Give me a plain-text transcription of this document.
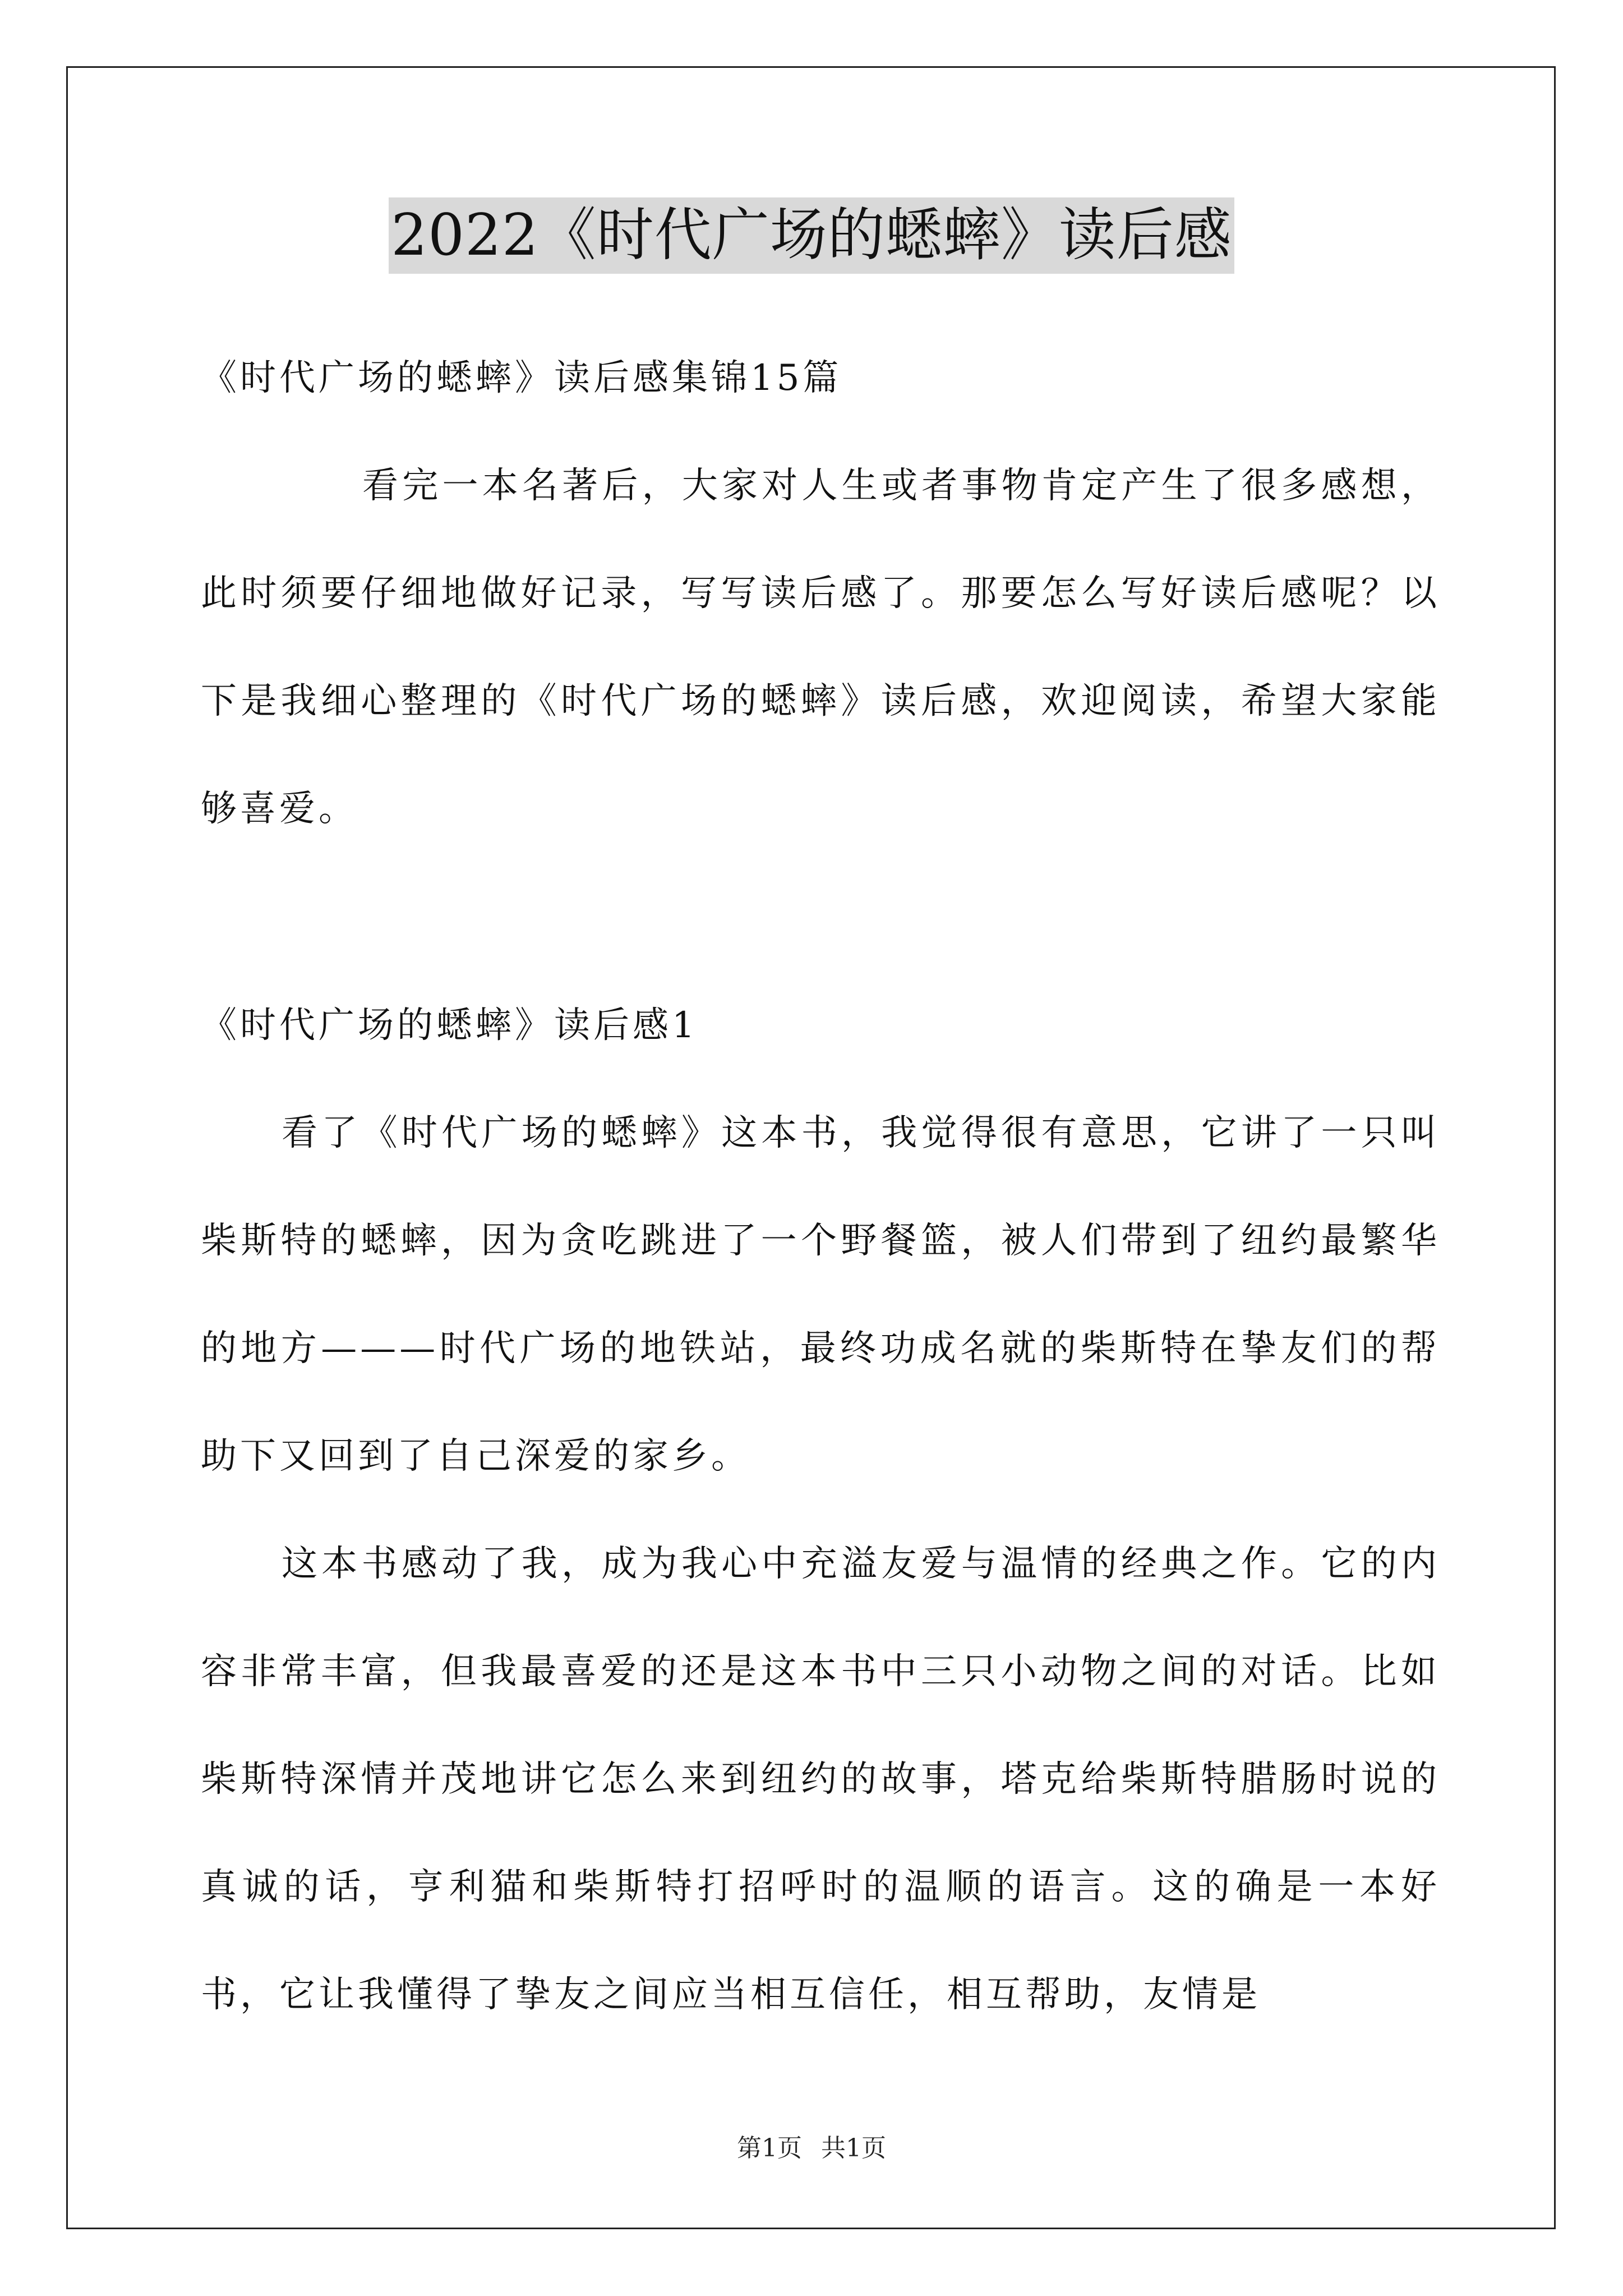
2022《时代广场的蟋蟀》读后感

《时代广场的蟋蟀》读后感集锦15篇

看完一本名著后，大家对人生或者事物肯定产生了很多感想，此时须要仔细地做好记录，写写读后感了。那要怎么写好读后感呢？以下是我细心整理的《时代广场的蟋蟀》读后感，欢迎阅读，希望大家能够喜爱。

《时代广场的蟋蟀》读后感1

看了《时代广场的蟋蟀》这本书，我觉得很有意思，它讲了一只叫柴斯特的蟋蟀，因为贪吃跳进了一个野餐篮，被人们带到了纽约最繁华的地方———时代广场的地铁站，最终功成名就的柴斯特在挚友们的帮助下又回到了自己深爱的家乡。

这本书感动了我，成为我心中充溢友爱与温情的经典之作。它的内容非常丰富，但我最喜爱的还是这本书中三只小动物之间的对话。比如柴斯特深情并茂地讲它怎么来到纽约的故事，塔克给柴斯特腊肠时说的真诚的话，亨利猫和柴斯特打招呼时的温顺的语言。这的确是一本好书，它让我懂得了挚友之间应当相互信任，相互帮助，友情是

第1页 共1页
